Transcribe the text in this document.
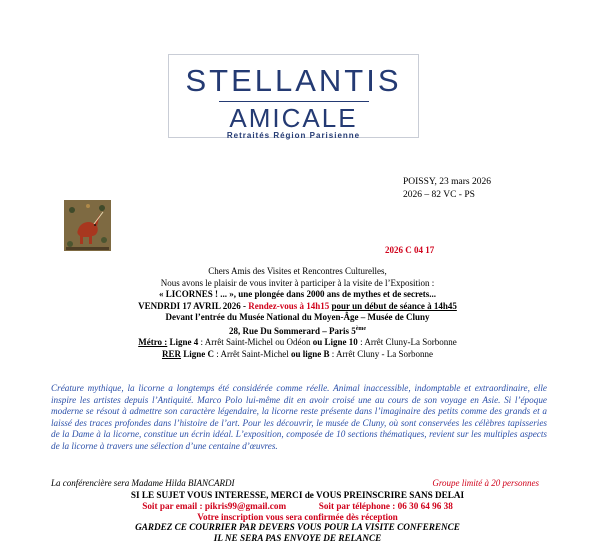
STELLANTIS
AMICALE
Retraités Région Parisienne
POISSY, 23 mars 2026
2026 – 82 VC - PS
2026 C 04 17
Chers Amis des Visites et Rencontres Culturelles,
Nous avons le plaisir de vous inviter à participer à la visite de l’Exposition :
« LICORNES ! ... », une plongée dans 2000 ans de mythes et de secrets...
VENDRDI 17 AVRIL 2026 - Rendez-vous à 14h15 pour un début de séance à 14h45
Devant l’entrée du Musée National du Moyen-Âge – Musée de Cluny
28, Rue Du Sommerard – Paris 5ème
Métro : Ligne 4 : Arrêt Saint-Michel ou Odéon ou Ligne 10 : Arrêt Cluny-La Sorbonne
RER Ligne C : Arrêt Saint-Michel ou ligne B : Arrêt Cluny - La Sorbonne
Créature mythique, la licorne a longtemps été considérée comme réelle. Animal inaccessible, indomptable et extraordinaire, elle inspire les artistes depuis l’Antiquité. Marco Polo lui-même dit en avoir croisé une au cours de son voyage en Asie. Si l’époque moderne se résout à admettre son caractère légendaire, la licorne reste présente dans l’imaginaire des petits comme des grands et a laissé des traces profondes dans l’histoire de l’art. Pour les découvrir, le musée de Cluny, où sont conservées les célèbres tapisseries de la Dame à la licorne, constitue un écrin idéal. L’exposition, composée de 10 sections thématiques, revient sur les multiples aspects de la licorne à travers une sélection d’une centaine d’œuvres.
La conférencière sera Madame Hilda BIANCARDI	Groupe limité à 20 personnes
SI LE SUJET VOUS INTERESSE, MERCI de VOUS PREINSCRIRE SANS DELAI
Soit par email : pikris99@gmail.com	Soit par téléphone : 06 30 64 96 38
Votre inscription vous sera confirmée dès réception
GARDEZ CE COURRIER PAR DEVERS VOUS POUR LA VISITE CONFERENCE
IL NE SERA PAS ENVOYE DE RELANCE
